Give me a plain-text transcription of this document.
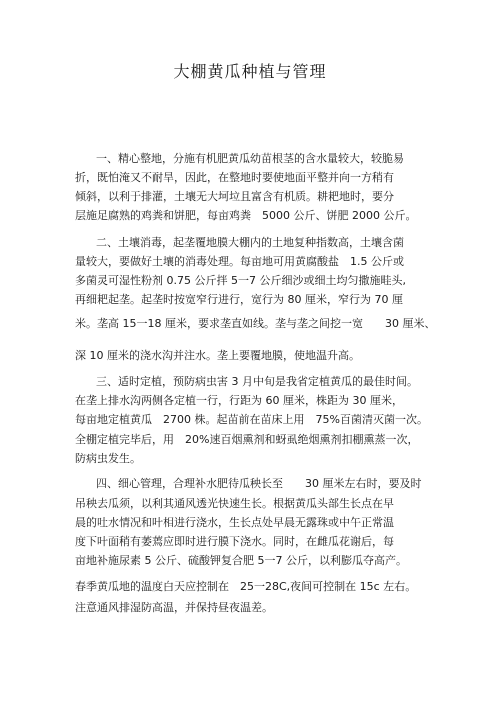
大棚黄瓜种植与管理

一、精心整地，分施有机肥黄瓜幼苗根茎的含水量较大，较脆易

折，既怕淹又不耐旱，因此，在整地时要使地面平整并向一方稍有

倾斜，以利于排灌，土壤无大坷垃且富含有机质。耕耙地时，要分

层施足腐熟的鸡粪和饼肥，每亩鸡粪　5000 公斤、饼肥 2000 公斤。

二、土壤消毒，起垄覆地膜大棚内的土地复种指数高，土壤含菌

量较大，要做好土壤的消毒处理。每亩地可用黄腐酸盐　1.5 公斤或

多菌灵可湿性粉剂 0.75 公斤拌 5一7 公斤细沙或细土均匀撒施畦头,

再细耙起垄。起垄时按宽窄行进行，宽行为 80 厘米，窄行为 70 厘

米。垄高 15一18 厘米，要求垄直如线。垄与垄之间挖一宽　　30 厘米、

深 10 厘米的浇水沟并注水。垄上要覆地膜，使地温升高。

三、适时定植，预防病虫害 3 月中旬是我省定植黄瓜的最佳时间。

在垄上排水沟两侧各定植一行，行距为 60 厘米，株距为 30 厘米，

每亩地定植黄瓜　2700 株。起苗前在苗床上用　75%百菌清灭菌一次。

全棚定植完毕后，用　20%速百烟熏剂和蚜虱绝烟熏剂扣棚熏蒸一次，

防病虫发生。

四、细心管理，合理补水肥待瓜秧长至　　30 厘米左右时，要及时

吊秧去瓜须，以利其通风透光快速生长。根据黄瓜头部生长点在早

晨的吐水情况和叶相进行浇水，生长点处早晨无露珠或中午正常温

度下叶面稍有萎蔫应即时进行膜下浇水。同时，在雌瓜花谢后，每

亩地补施尿素 5 公斤、硫酸钾复合肥 5一7 公斤，以利膨瓜夺高产。

春季黄瓜地的温度白天应控制在　25一28C,夜间可控制在 15c 左右。

注意通风排湿防高温，并保持昼夜温差。
